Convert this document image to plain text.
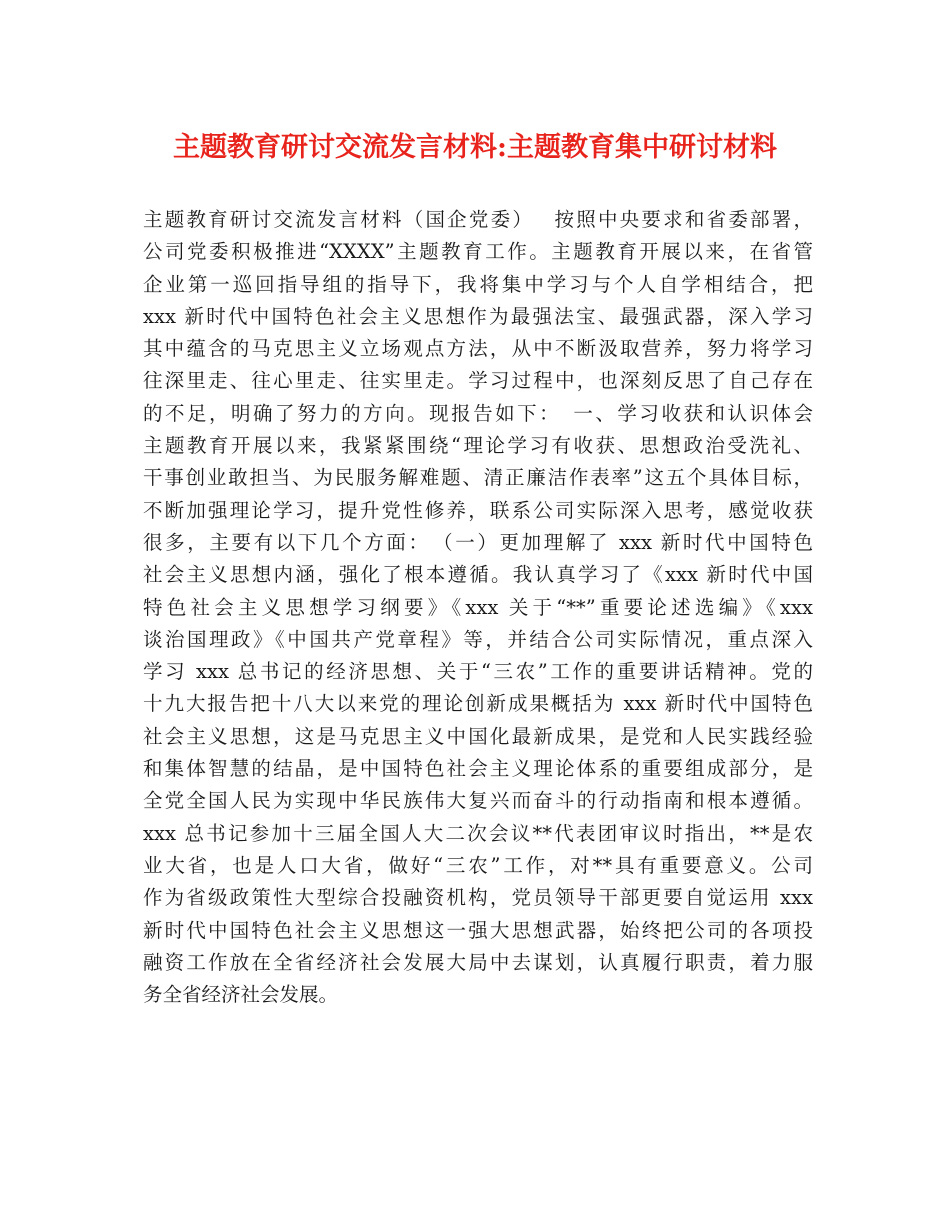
主题教育研讨交流发言材料:主题教育集中研讨材料
主题教育研讨交流发言材料（国企党委）　 按照中央要求和省委部署，
公司党委积极推进“XXXX”主题教育工作。主题教育开展以来，在省管
企业第一巡回指导组的指导下，我将集中学习与个人自学相结合，把
xxx 新时代中国特色社会主义思想作为最强法宝、最强武器，深入学习
其中蕴含的马克思主义立场观点方法，从中不断汲取营养，努力将学习
往深里走、往心里走、往实里走。学习过程中，也深刻反思了自己存在
的不足，明确了努力的方向。现报告如下：　一、学习收获和认识体会
主题教育开展以来，我紧紧围绕“理论学习有收获、思想政治受洗礼、
干事创业敢担当、为民服务解难题、清正廉洁作表率”这五个具体目标，
不断加强理论学习，提升党性修养，联系公司实际深入思考，感觉收获
很多，主要有以下几个方面：　（一）更加理解了 xxx 新时代中国特色
社会主义思想内涵，强化了根本遵循。我认真学习了《xxx 新时代中国
特色社会主义思想学习纲要》《xxx 关于“**”重要论述选编》《xxx
谈治国理政》《中国共产党章程》等，并结合公司实际情况，重点深入
学习 xxx 总书记的经济思想、关于“三农”工作的重要讲话精神。党的
十九大报告把十八大以来党的理论创新成果概括为 xxx 新时代中国特色
社会主义思想，这是马克思主义中国化最新成果，是党和人民实践经验
和集体智慧的结晶，是中国特色社会主义理论体系的重要组成部分，是
全党全国人民为实现中华民族伟大复兴而奋斗的行动指南和根本遵循。
xxx 总书记参加十三届全国人大二次会议**代表团审议时指出，**是农
业大省，也是人口大省，做好“三农”工作，对**具有重要意义。公司
作为省级政策性大型综合投融资机构，党员领导干部更要自觉运用 xxx
新时代中国特色社会主义思想这一强大思想武器，始终把公司的各项投
融资工作放在全省经济社会发展大局中去谋划，认真履行职责，着力服
务全省经济社会发展。
